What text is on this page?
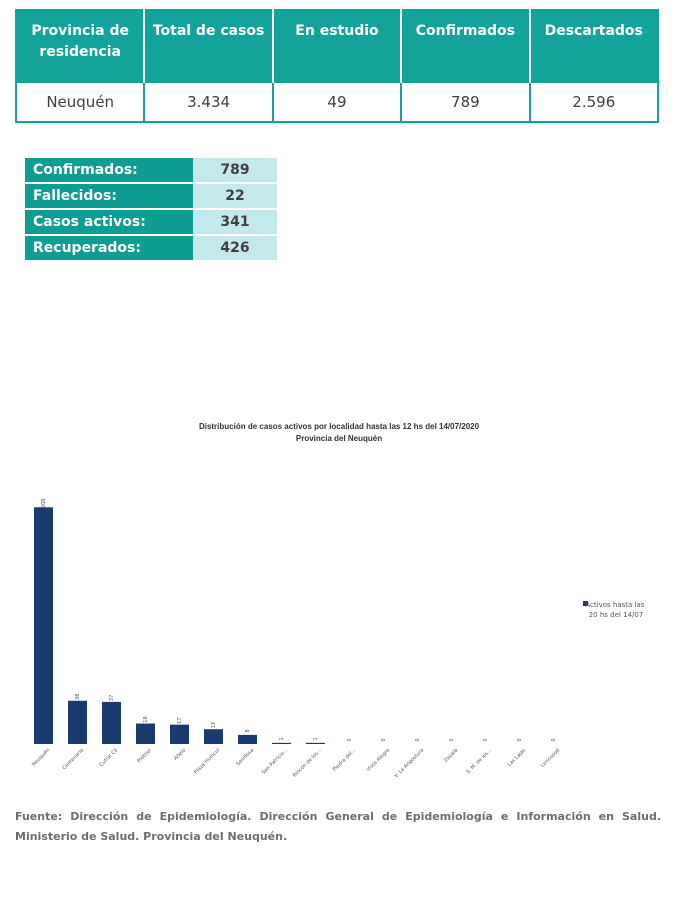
Provincia de residencia	Total de casos	En estudio	Confirmados	Descartados
Neuquén	3.434	49	789	2.596
Confirmados:	789
Fallecidos:	22
Casos activos:	341
Recuperados:	426
Distribución de casos activos por localidad hasta las 12 hs del 14/07/2020
Provincia del Neuquén
208
Neuquén
38
Centenario
37
Cutral Có
18
Plottier
17
Añelo
13
Plaza Huincul
8
Senillosa
1
San Patricio...
1
Rincón de los...
0
Piedra del...
0
Vista Alegre
0
V. La Angostura
0
Zapala
0
S. M. de los...
0
Las Lajas
0
Loncopué
Activos hasta las 20 hs del 14/07

Fuente: Dirección de Epidemiología. Dirección General de Epidemiología e Información en Salud. Ministerio de Salud. Provincia del Neuquén.
